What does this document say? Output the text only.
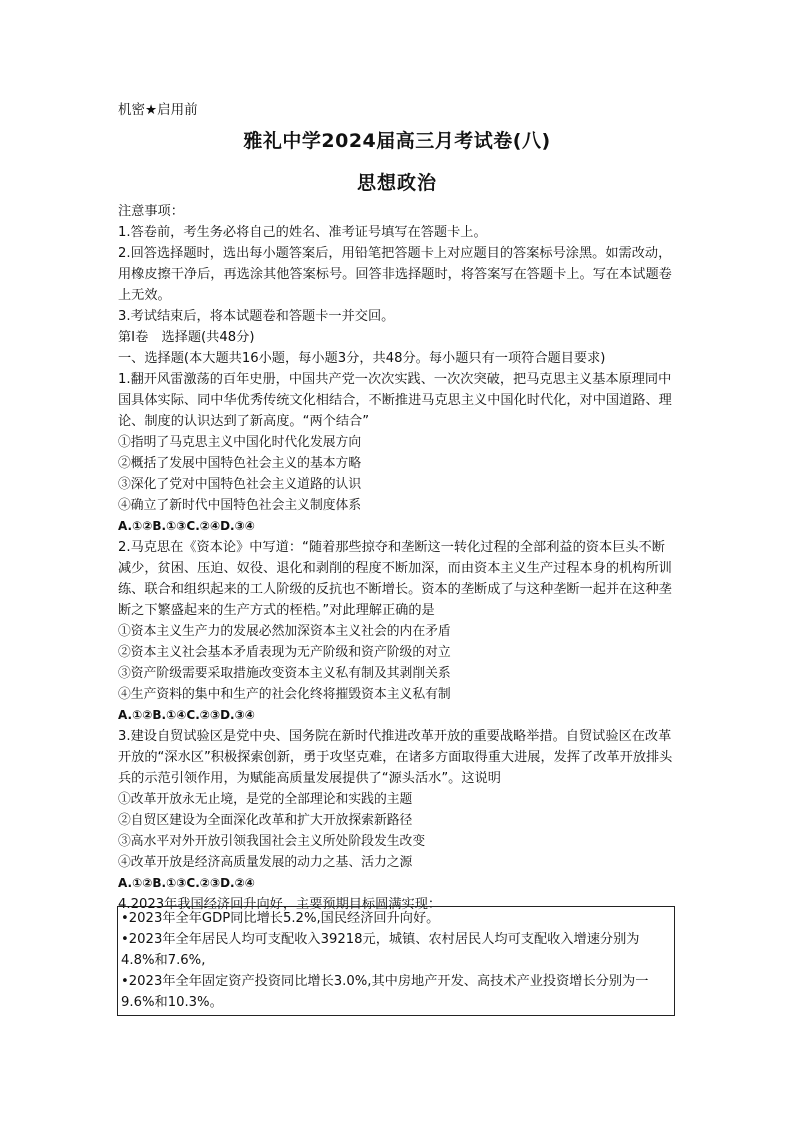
机密★启用前
雅礼中学2024届高三月考试卷(八)
思想政治

注意事项：

1.答卷前，考生务必将自己的姓名、准考证号填写在答题卡上。

2.回答选择题时，选出每小题答案后，用铅笔把答题卡上对应题目的答案标号涂黑。如需改动，用橡皮擦干净后，再选涂其他答案标号。回答非选择题时，将答案写在答题卡上。写在本试题卷上无效。

3.考试结束后，将本试题卷和答题卡一并交回。

第Ⅰ卷　选择题(共48分)

一、选择题(本大题共16小题，每小题3分，共48分。每小题只有一项符合题目要求)

1.翻开风雷激荡的百年史册，中国共产党一次次实践、一次次突破，把马克思主义基本原理同中国具体实际、同中华优秀传统文化相结合，不断推进马克思主义中国化时代化，对中国道路、理论、制度的认识达到了新高度。“两个结合”

①指明了马克思主义中国化时代化发展方向

②概括了发展中国特色社会主义的基本方略

③深化了党对中国特色社会主义道路的认识

④确立了新时代中国特色社会主义制度体系

A.①②B.①③C.②④D.③④

2.马克思在《资本论》中写道：“随着那些掠夺和垄断这一转化过程的全部利益的资本巨头不断减少，贫困、压迫、奴役、退化和剥削的程度不断加深，而由资本主义生产过程本身的机构所训练、联合和组织起来的工人阶级的反抗也不断增长。资本的垄断成了与这种垄断一起并在这种垄断之下繁盛起来的生产方式的桎梏。”对此理解正确的是

①资本主义生产力的发展必然加深资本主义社会的内在矛盾

②资本主义社会基本矛盾表现为无产阶级和资产阶级的对立

③资产阶级需要采取措施改变资本主义私有制及其剥削关系

④生产资料的集中和生产的社会化终将摧毁资本主义私有制

A.①②B.①④C.②③D.③④

3.建设自贸试验区是党中央、国务院在新时代推进改革开放的重要战略举措。自贸试验区在改革开放的“深水区”积极探索创新，勇于攻坚克难，在诸多方面取得重大进展，发挥了改革开放排头兵的示范引领作用，为赋能高质量发展提供了“源头活水”。这说明

①改革开放永无止境，是党的全部理论和实践的主题

②自贸区建设为全面深化改革和扩大开放探索新路径

③高水平对外开放引领我国社会主义所处阶段发生改变

④改革开放是经济高质量发展的动力之基、活力之源

A.①②B.①③C.②③D.②④

4.2023年我国经济回升向好，主要预期目标圆满实现：

•2023年全年GDP同比增长5.2%,国民经济回升向好。

•2023年全年居民人均可支配收入39218元，城镇、农村居民人均可支配收入增速分别为4.8%和7.6%,

•2023年全年固定资产投资同比增长3.0%,其中房地产开发、高技术产业投资增长分别为一9.6%和10.3%。
